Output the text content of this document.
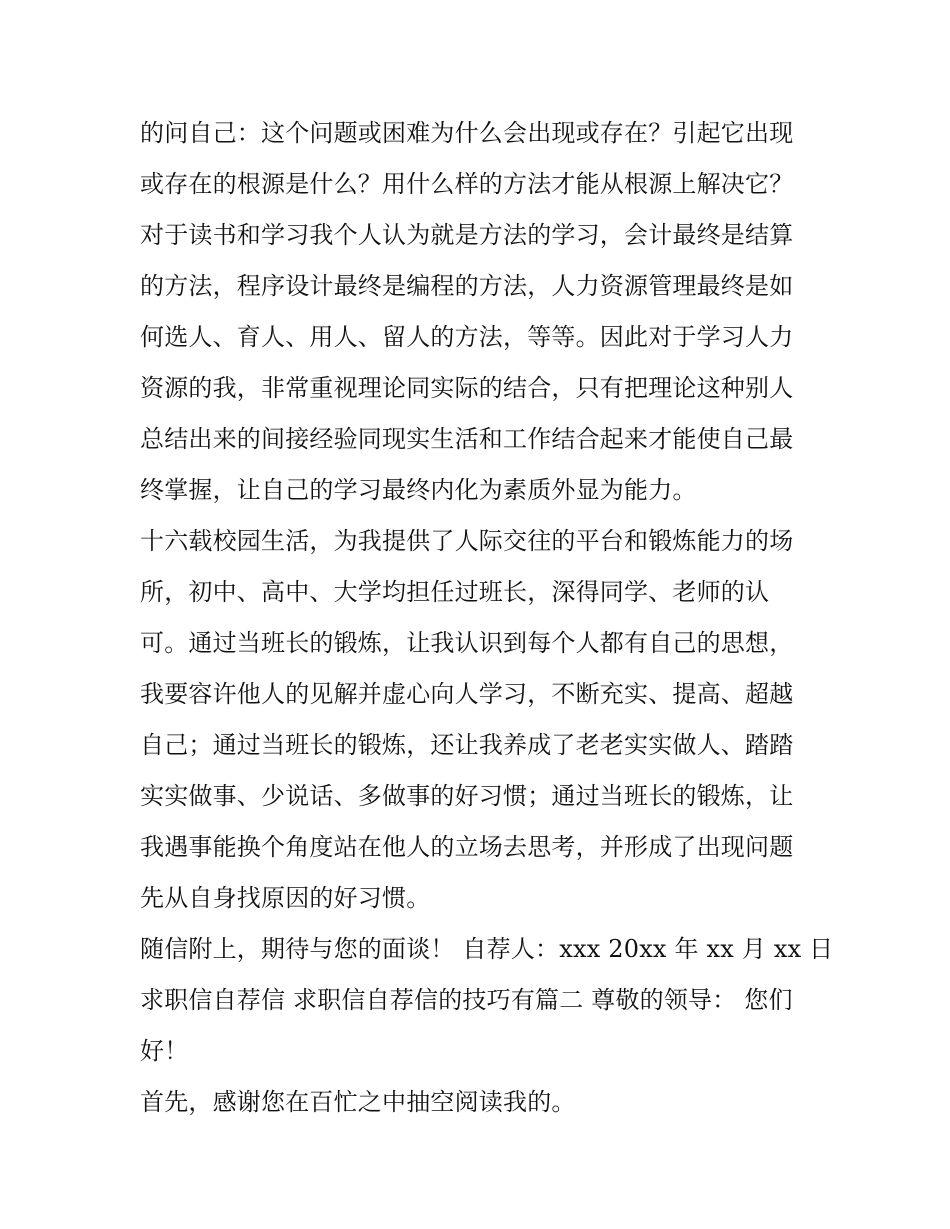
的问自己：这个问题或困难为什么会出现或存在？引起它出现
或存在的根源是什么？用什么样的方法才能从根源上解决它？
对于读书和学习我个人认为就是方法的学习，会计最终是结算
的方法，程序设计最终是编程的方法，人力资源管理最终是如
何选人、育人、用人、留人的方法，等等。因此对于学习人力
资源的我，非常重视理论同实际的结合，只有把理论这种别人
总结出来的间接经验同现实生活和工作结合起来才能使自己最
终掌握，让自己的学习最终内化为素质外显为能力。
十六载校园生活，为我提供了人际交往的平台和锻炼能力的场
所，初中、高中、大学均担任过班长，深得同学、老师的认
可。通过当班长的锻炼，让我认识到每个人都有自己的思想，
我要容许他人的见解并虚心向人学习，不断充实、提高、超越
自己；通过当班长的锻炼，还让我养成了老老实实做人、踏踏
实实做事、少说话、多做事的好习惯；通过当班长的锻炼，让
我遇事能换个角度站在他人的立场去思考，并形成了出现问题
先从自身找原因的好习惯。
随信附上，期待与您的面谈！ 自荐人：xxx 20xx 年 xx 月 xx 日
求职信自荐信 求职信自荐信的技巧有篇二 尊敬的领导： 您们
好！
首先，感谢您在百忙之中抽空阅读我的。
